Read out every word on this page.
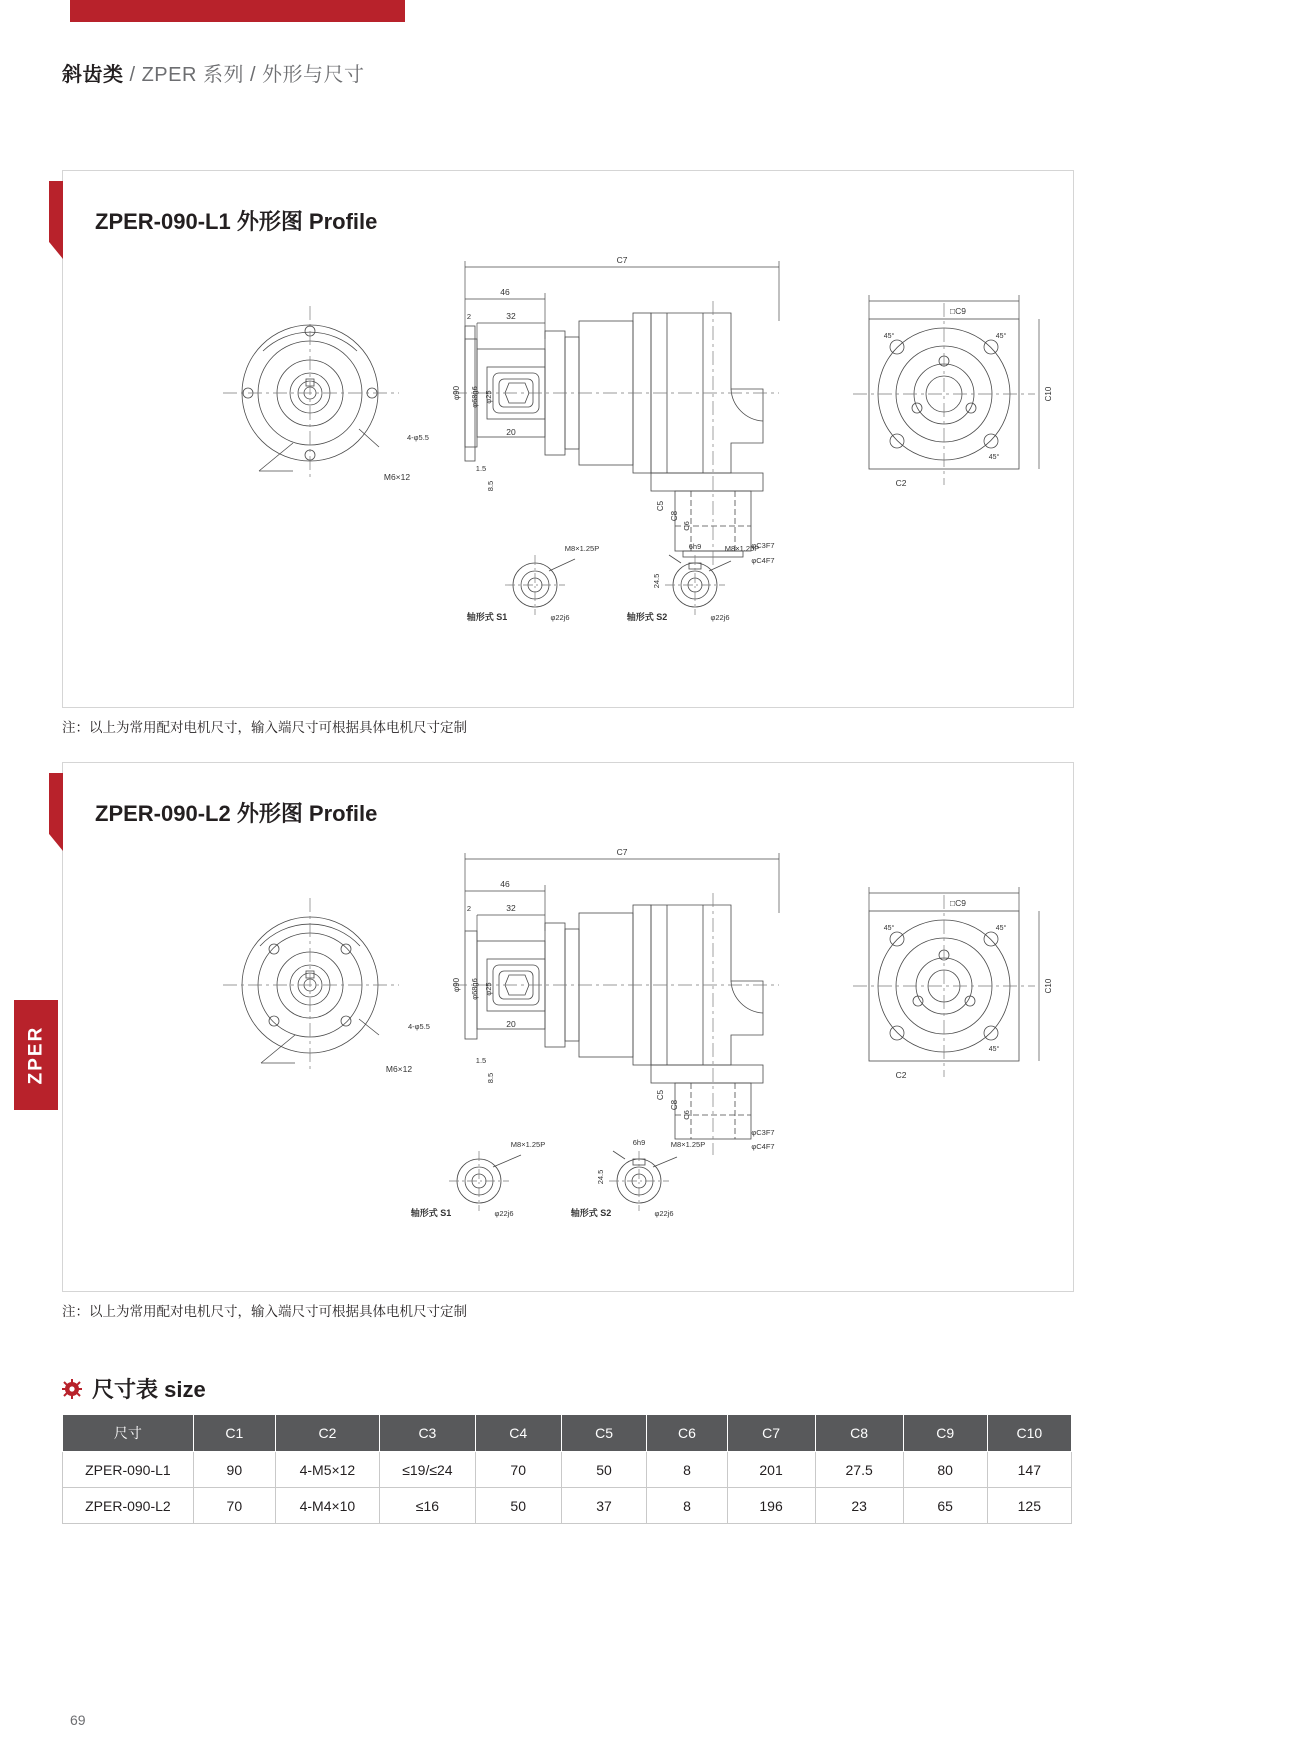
斜齿类 / ZPER 系列 / 外形与尺寸
ZPER
ZPER-090-L1 外形图 Profile
C7
46
2	32
20
1.5
□C9
C2
45°	45°
45°
φC3F7
φC4F7
M6×12
4-φ5.5
M8×1.25P	M8×1.25P
6h9
轴形式 S1	轴形式 S2
φ22j6	φ22j6
C10
φ90 φ68g6 φ25
8.5
C5
C8
C6
24.5
注：以上为常用配对电机尺寸，输入端尺寸可根据具体电机尺寸定制
ZPER-090-L2 外形图 Profile
C7
46
2	32
20
1.5
□C9
C2
45°	45°
45°
φC3F7
φC4F7
M6×12
4-φ5.5
M8×1.25P	M8×1.25P
6h9
轴形式 S1	轴形式 S2
φ22j6	φ22j6
C10
φ90 φ68g6 φ25
8.5
C5
C8
C6
24.5
注：以上为常用配对电机尺寸，输入端尺寸可根据具体电机尺寸定制
尺寸表 size
尺寸	C1	C2	C3	C4	C5	C6	C7	C8	C9	C10
ZPER-090-L1	90	4-M5×12	≤19/≤24	70	50	8	201	27.5	80	147
ZPER-090-L2	70	4-M4×10	≤16	50	37	8	196	23	65	125
69
